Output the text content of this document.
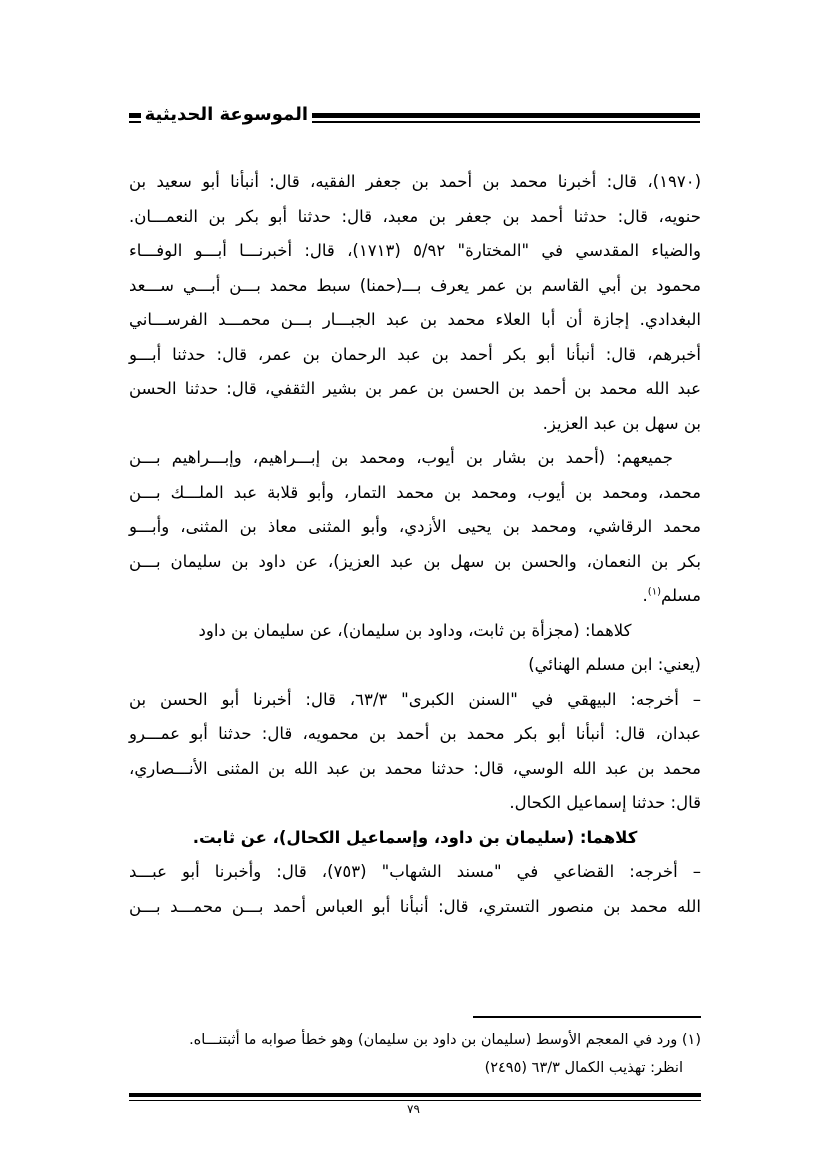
الموسوعة الحديثية
(١٩٧٠)، قال: أخبرنا محمد بن أحمد بن جعفر الفقيه، قال: أنبأنا أبو سعيد بن
حنويه، قال: حدثنا أحمد بن جعفر بن معبد، قال: حدثنا أبو بكر بن النعمـــان.
والضياء المقدسي في "المختارة" ٥/٩٢ (١٧١٣)، قال: أخبرنـــا أبـــو الوفـــاء
محمود بن أبي القاسم بن عمر يعرف بـــ(حمنا) سبط محمد بـــن أبـــي ســـعد
البغدادي. إجازة أن أبا العلاء محمد بن عبد الجبـــار بـــن محمـــد الفرســـاني
أخبرهم، قال: أنبأنا أبو بكر أحمد بن عبد الرحمان بن عمر، قال: حدثنا أبـــو
عبد الله محمد بن أحمد بن الحسن بن عمر بن بشير الثقفي، قال: حدثنا الحسن
بن سهل بن عبد العزيز.
جميعهم: (أحمد بن بشار بن أيوب، ومحمد بن إبـــراهيم، وإبـــراهيم بـــن
محمد، ومحمد بن أيوب، ومحمد بن محمد التمار، وأبو قلابة عبد الملـــك بـــن
محمد الرقاشي، ومحمد بن يحيى الأزدي، وأبو المثنى معاذ بن المثنى، وأبـــو
بكر بن النعمان، والحسن بن سهل بن عبد العزيز)، عن داود بن سليمان بـــن
مسلم$^{(١)}$.
كلاهما: (مجزأة بن ثابت، وداود بن سليمان)، عن سليمان بن داود
(يعني: ابن مسلم الهنائي)
– أخرجه: البيهقي في "السنن الكبرى" ٦٣/٣، قال: أخبرنا أبو الحسن بن
عبدان، قال: أنبأنا أبو بكر محمد بن أحمد بن محمويه، قال: حدثنا أبو عمـــرو
محمد بن عبد الله الوسي، قال: حدثنا محمد بن عبد الله بن المثنى الأنـــصاري،
قال: حدثنا إسماعيل الكحال.
كلاهما: (سليمان بن داود، وإسماعيل الكحال)، عن ثابت.
– أخرجه: القضاعي في "مسند الشهاب" (٧٥٣)، قال: وأخبرنا أبو عبـــد
الله محمد بن منصور التستري، قال: أنبأنا أبو العباس أحمد بـــن محمـــد بـــن
(١) ورد في المعجم الأوسط (سليمان بن داود بن سليمان) وهو خطأ صوابه ما أثبتنـــاه.
انظر: تهذيب الكمال ٦٣/٣ (٢٤٩٥)
٧٩
